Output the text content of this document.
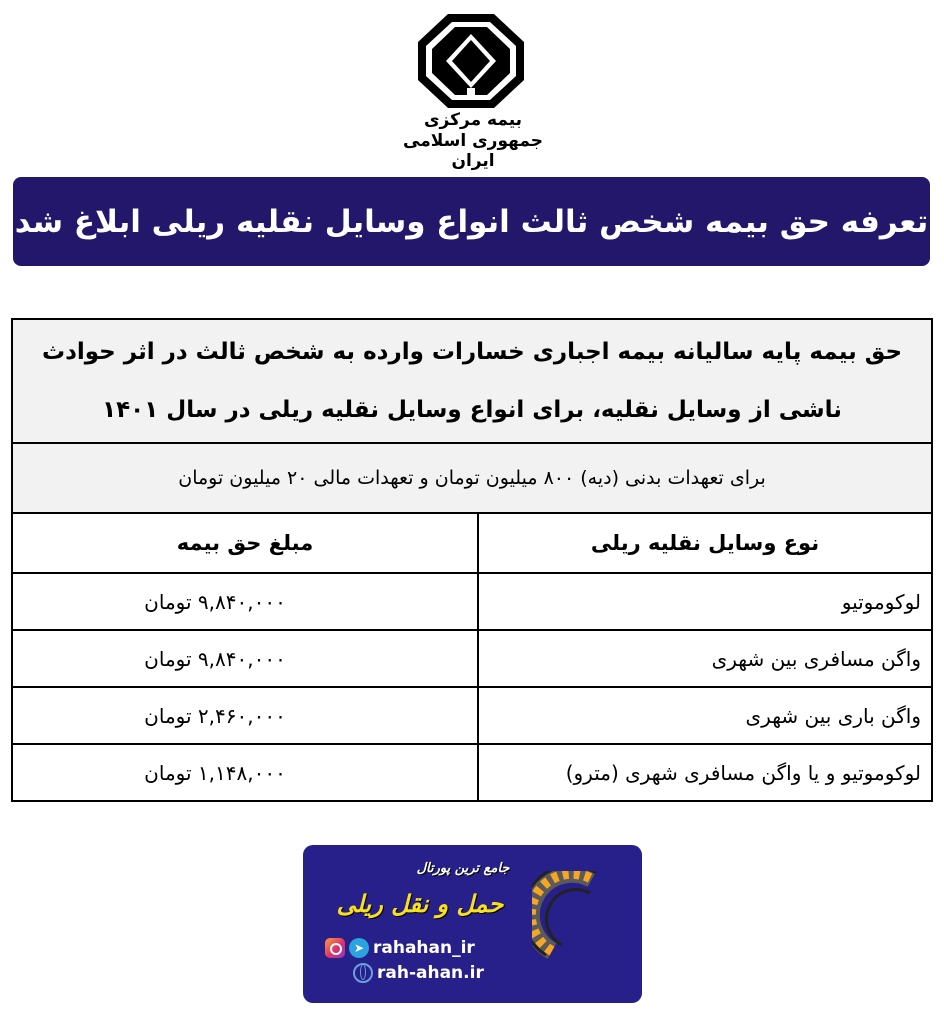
بیمه مرکزی
جمهوری اسلامی ایران
تعرفه حق بیمه شخص ثالث انواع وسایل نقلیه ریلی ابلاغ شد
حق بیمه پایه سالیانه بیمه اجباری خسارات وارده به شخص ثالث در اثر حوادث
ناشی از وسایل نقلیه، برای انواع وسایل نقلیه ریلی در سال ۱۴۰۱	

برای تعهدات بدنی (دیه) ۸۰۰ میلیون تومان و تعهدات مالی ۲۰ میلیون تومان	
نوع وسایل نقلیه ریلی	مبلغ حق بیمه
لوکوموتیو	۹,۸۴۰,۰۰۰ تومان
واگن مسافری بین شهری	۹,۸۴۰,۰۰۰ تومان
واگن باری بین شهری	۲,۴۶۰,۰۰۰ تومان
لوکوموتیو و یا واگن مسافری شهری (مترو)	۱,۱۴۸,۰۰۰ تومان
جامع ترین پورتال
حمل و نقل ریلی
➤ rahahan_ir
rah-ahan.ir
